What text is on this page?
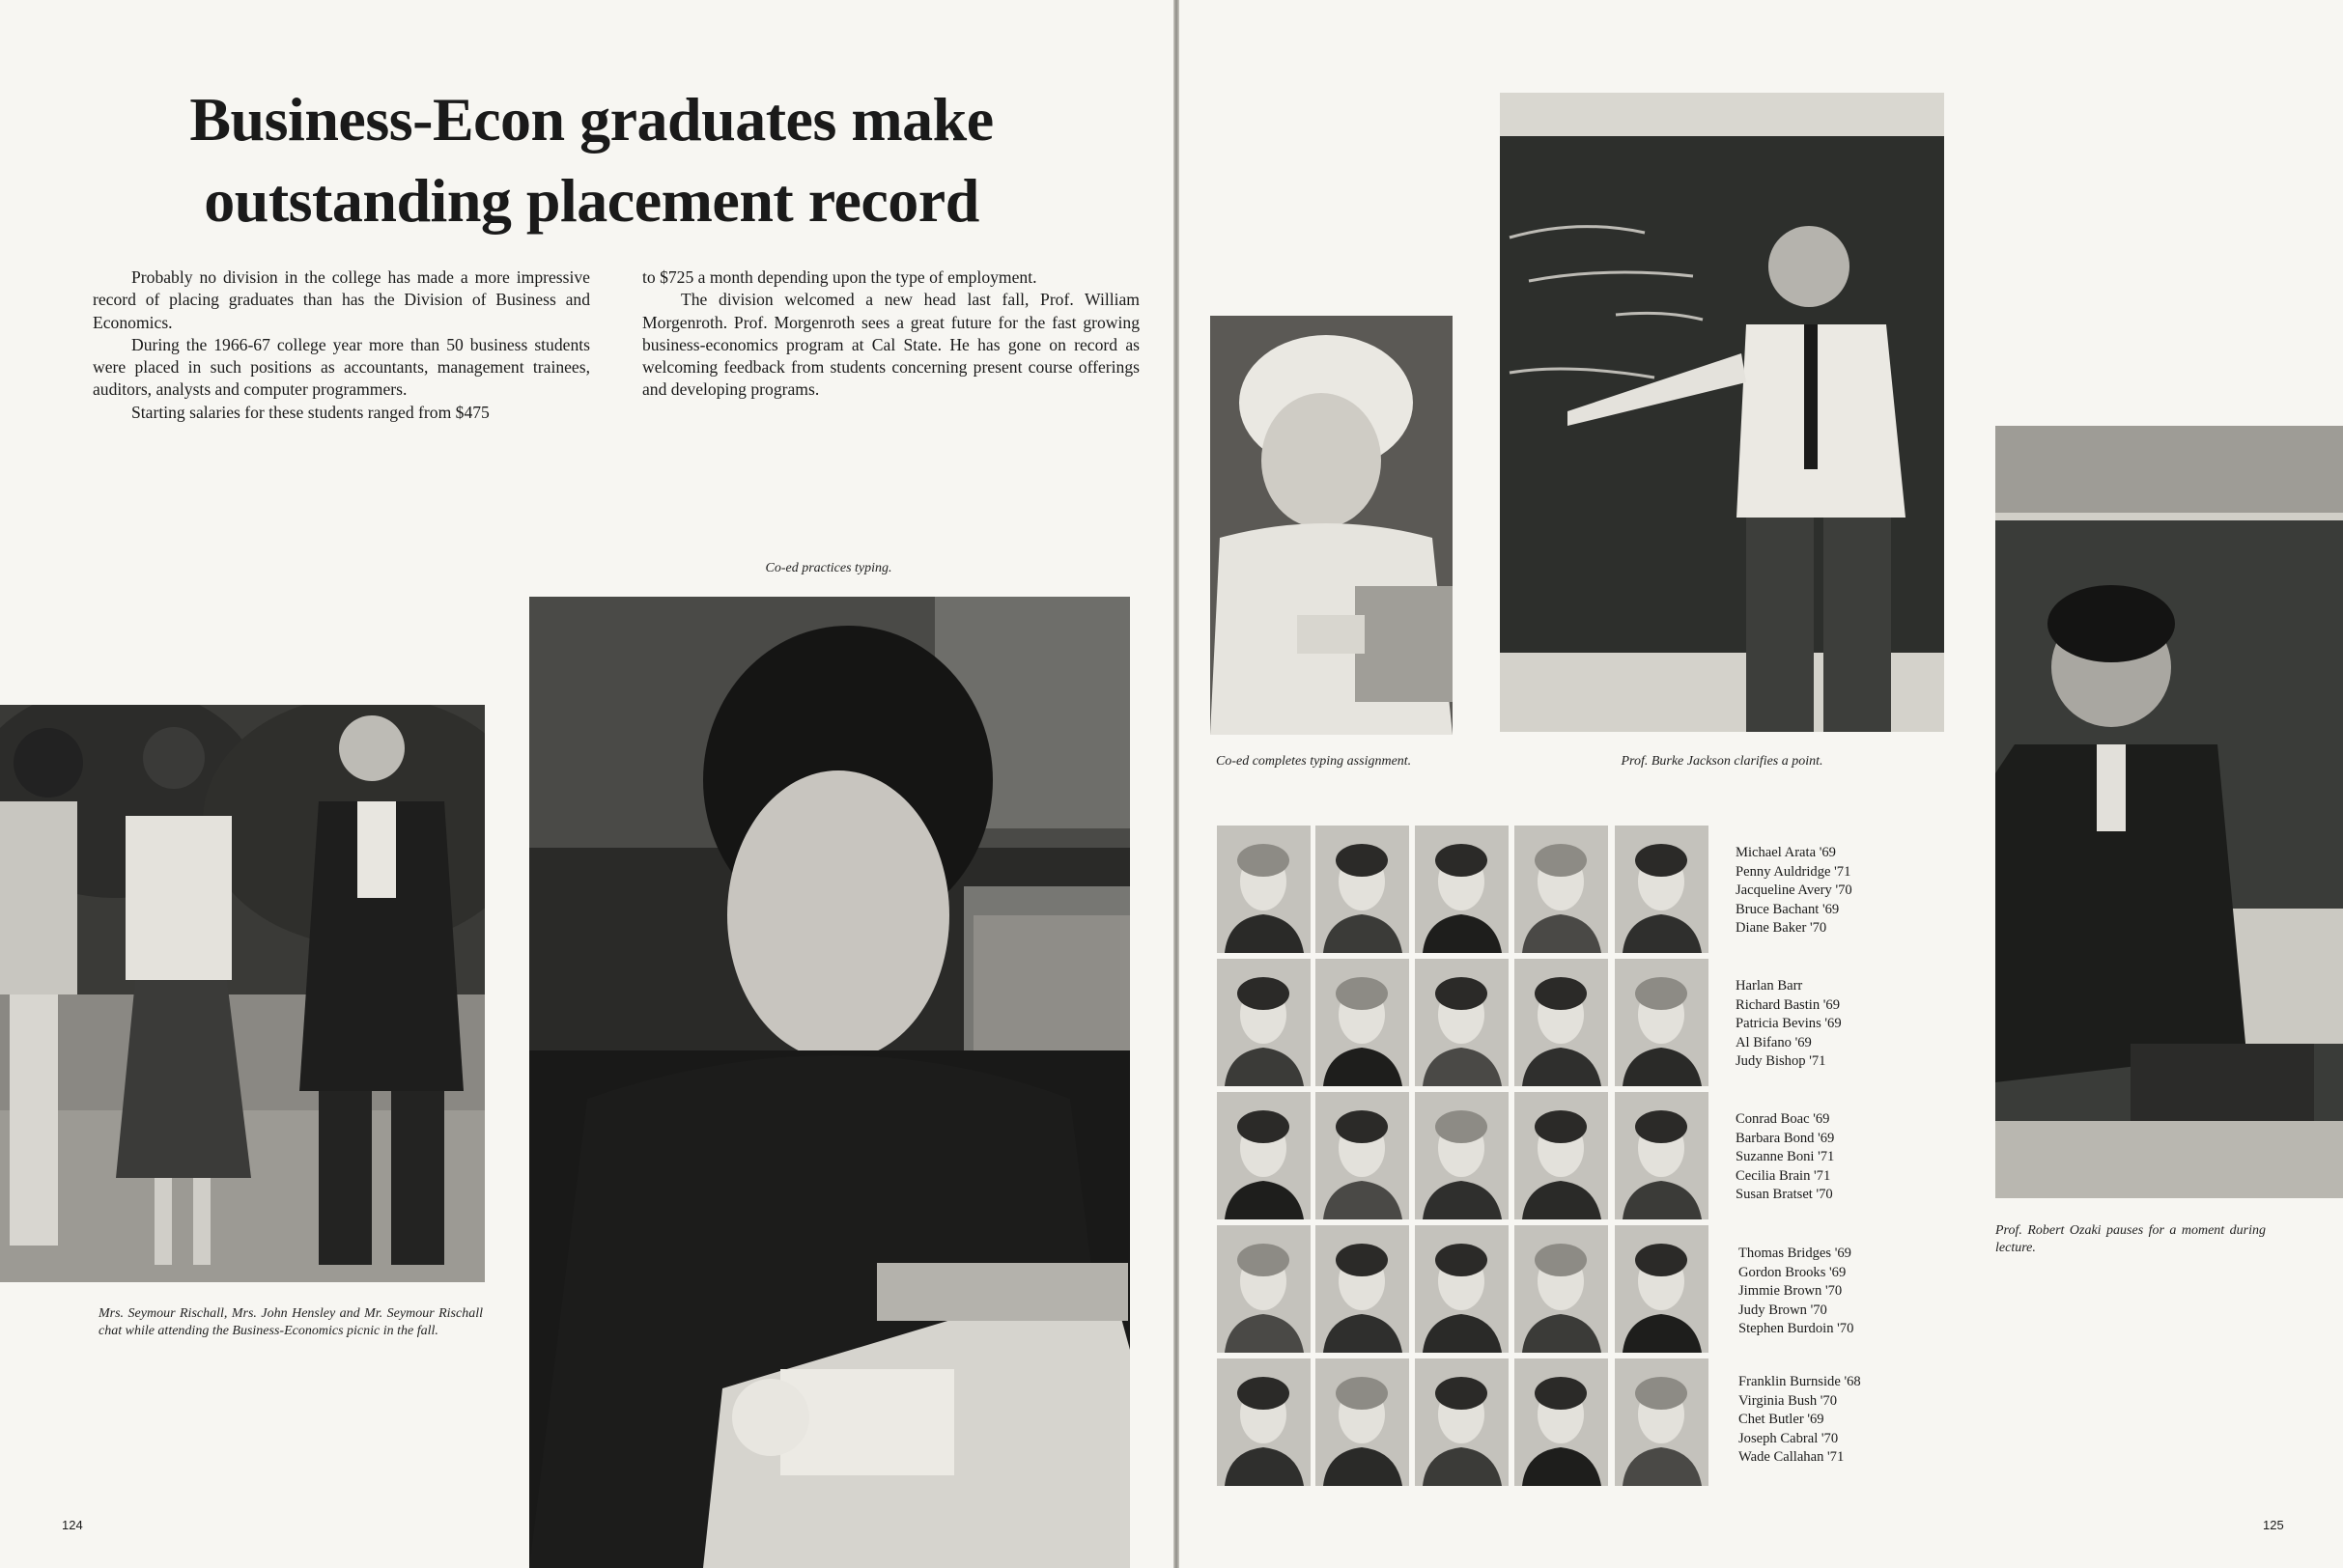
Business-Econ graduates make
outstanding placement record

Probably no division in the college has made a more impressive record of placing graduates than has the Division of Business and Economics.

During the 1966-67 college year more than 50 business students were placed in such positions as accountants, management trainees, auditors, analysts and computer programmers.

Starting salaries for these students ranged from $475

to $725 a month depending upon the type of employment.

The division welcomed a new head last fall, Prof. William Morgenroth. Prof. Morgenroth sees a great future for the fast growing business-economics program at Cal State. He has gone on record as welcoming feedback from students concerning present course offerings and developing programs.

Mrs. Seymour Rischall, Mrs. John Hensley and Mr. Seymour Rischall chat while attending the Business-Economics picnic in the fall.
Co-ed practices typing.
124
Co-ed completes typing assignment.	Prof. Burke Jackson clarifies a point.
Prof. Robert Ozaki pauses for a moment during lecture.
125
Michael Arata '69
Penny Auldridge '71
Jacqueline Avery '70
Bruce Bachant '69
Diane Baker '70
Harlan Barr
Richard Bastin '69
Patricia Bevins '69
Al Bifano '69
Judy Bishop '71
Conrad Boac '69
Barbara Bond '69
Suzanne Boni '71
Cecilia Brain '71
Susan Bratset '70
Thomas Bridges '69
Gordon Brooks '69
Jimmie Brown '70
Judy Brown '70
Stephen Burdoin '70
Franklin Burnside '68
Virginia Bush '70
Chet Butler '69
Joseph Cabral '70
Wade Callahan '71
